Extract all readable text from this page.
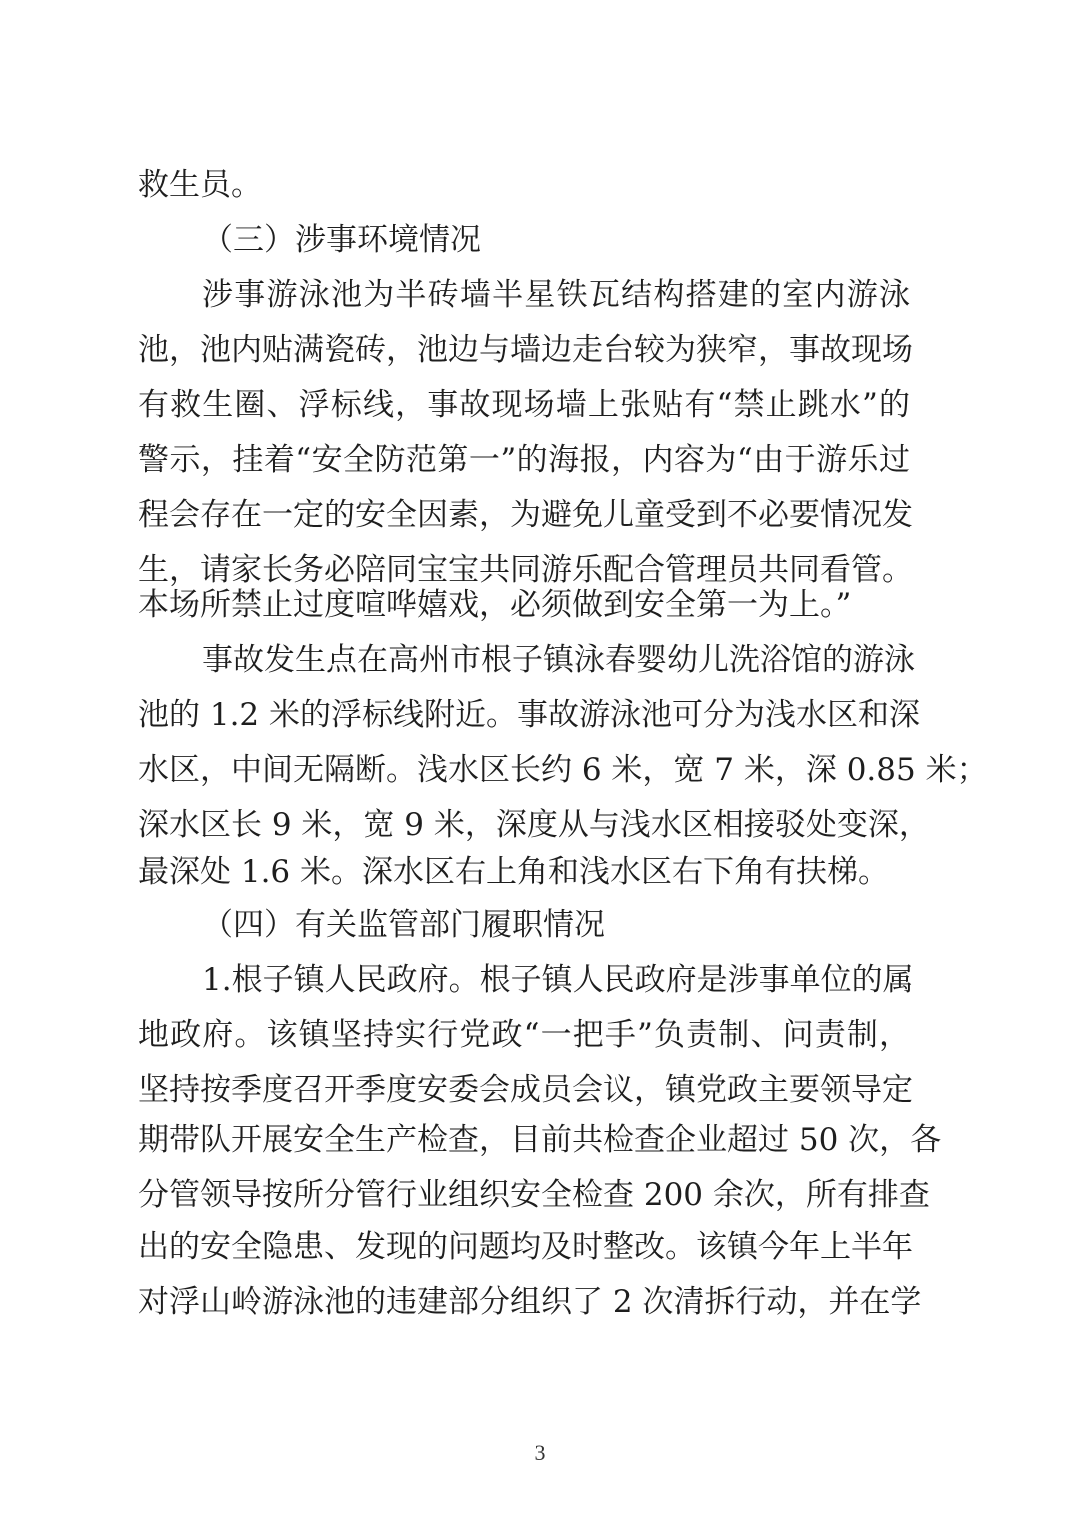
救生员。
（三）涉事环境情况
涉事游泳池为半砖墙半星铁瓦结构搭建的室内游泳
池，池内贴满瓷砖，池边与墙边走台较为狭窄，事故现场
有救生圈、浮标线，事故现场墙上张贴有“禁止跳水”的
警示，挂着“安全防范第一”的海报，内容为“由于游乐过
程会存在一定的安全因素，为避免儿童受到不必要情况发
生，请家长务必陪同宝宝共同游乐配合管理员共同看管。
本场所禁止过度喧哗嬉戏，必须做到安全第一为上。”
事故发生点在高州市根子镇泳春婴幼儿洗浴馆的游泳
池的 1.2 米的浮标线附近。事故游泳池可分为浅水区和深
水区，中间无隔断。浅水区长约 6 米，宽 7 米，深 0.85 米；
深水区长 9 米，宽 9 米，深度从与浅水区相接驳处变深，
最深处 1.6 米。深水区右上角和浅水区右下角有扶梯。
（四）有关监管部门履职情况
1.根子镇人民政府。根子镇人民政府是涉事单位的属
地政府。该镇坚持实行党政“一把手”负责制、问责制，
坚持按季度召开季度安委会成员会议，镇党政主要领导定
期带队开展安全生产检查，目前共检查企业超过 50 次，各
分管领导按所分管行业组织安全检查 200 余次，所有排查
出的安全隐患、发现的问题均及时整改。该镇今年上半年
对浮山岭游泳池的违建部分组织了 2 次清拆行动，并在学
3
